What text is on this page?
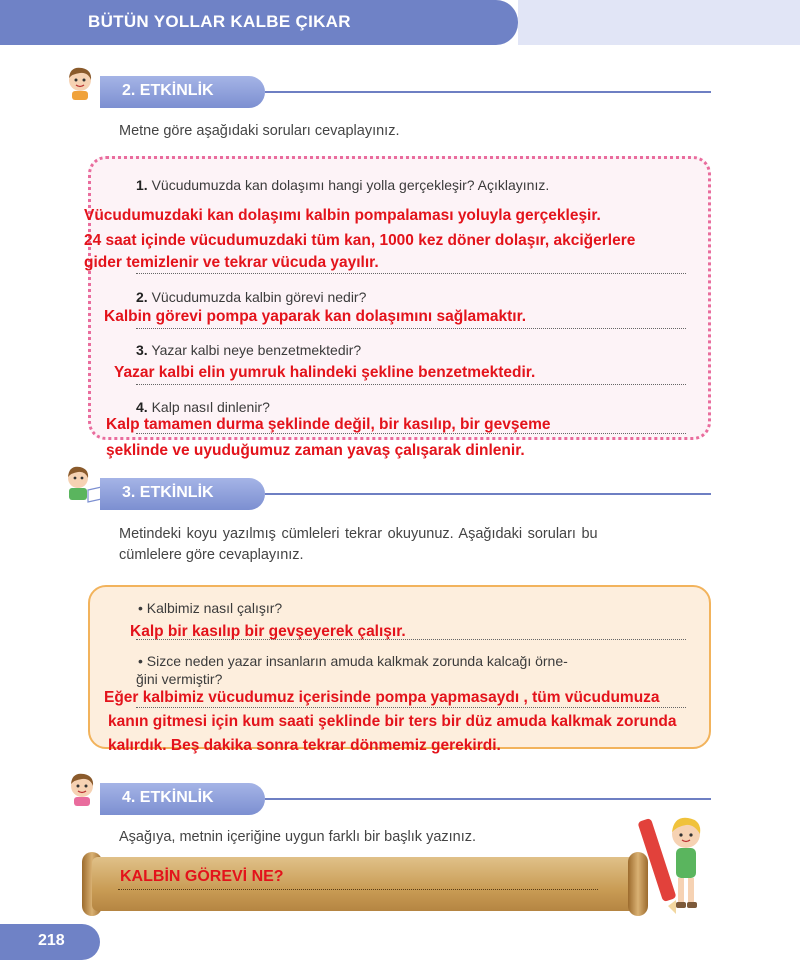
BÜTÜN YOLLAR KALBE ÇIKAR
2. ETKİNLİK
Metne göre aşağıdaki soruları cevaplayınız.
1. Vücudumuzda kan dolaşımı hangi yolla gerçekleşir? Açıklayınız.
Vücudumuzdaki kan dolaşımı kalbin pompalaması yoluyla gerçekleşir.
24 saat içinde vücudumuzdaki tüm kan, 1000 kez döner dolaşır, akciğerlere
gider temizlenir ve tekrar vücuda yayılır.
2. Vücudumuzda kalbin görevi nedir?
Kalbin görevi pompa yaparak kan dolaşımını sağlamaktır.
3. Yazar kalbi neye benzetmektedir?
Yazar kalbi elin yumruk halindeki şekline benzetmektedir.
4. Kalp nasıl dinlenir?
Kalp tamamen durma şeklinde değil, bir kasılıp, bir gevşeme
şeklinde ve uyuduğumuz zaman yavaş çalışarak dinlenir.
3. ETKİNLİK
Metindeki koyu yazılmış cümleleri tekrar okuyunuz. Aşağıdaki soruları bu
cümlelere göre cevaplayınız.
• Kalbimiz nasıl çalışır?
Kalp bir kasılıp bir gevşeyerek çalışır.
• Sizce neden yazar insanların amuda kalkmak zorunda kalcağı örne-
ğini vermiştir?
Eğer kalbimiz vücudumuz içerisinde pompa yapmasaydı , tüm vücudumuza
kanın gitmesi için kum saati şeklinde bir ters bir düz amuda kalkmak zorunda
kalırdık. Beş dakika sonra tekrar dönmemiz gerekirdi.
4. ETKİNLİK
Aşağıya, metnin içeriğine uygun farklı bir başlık yazınız.
KALBİN GÖREVİ NE?
218
